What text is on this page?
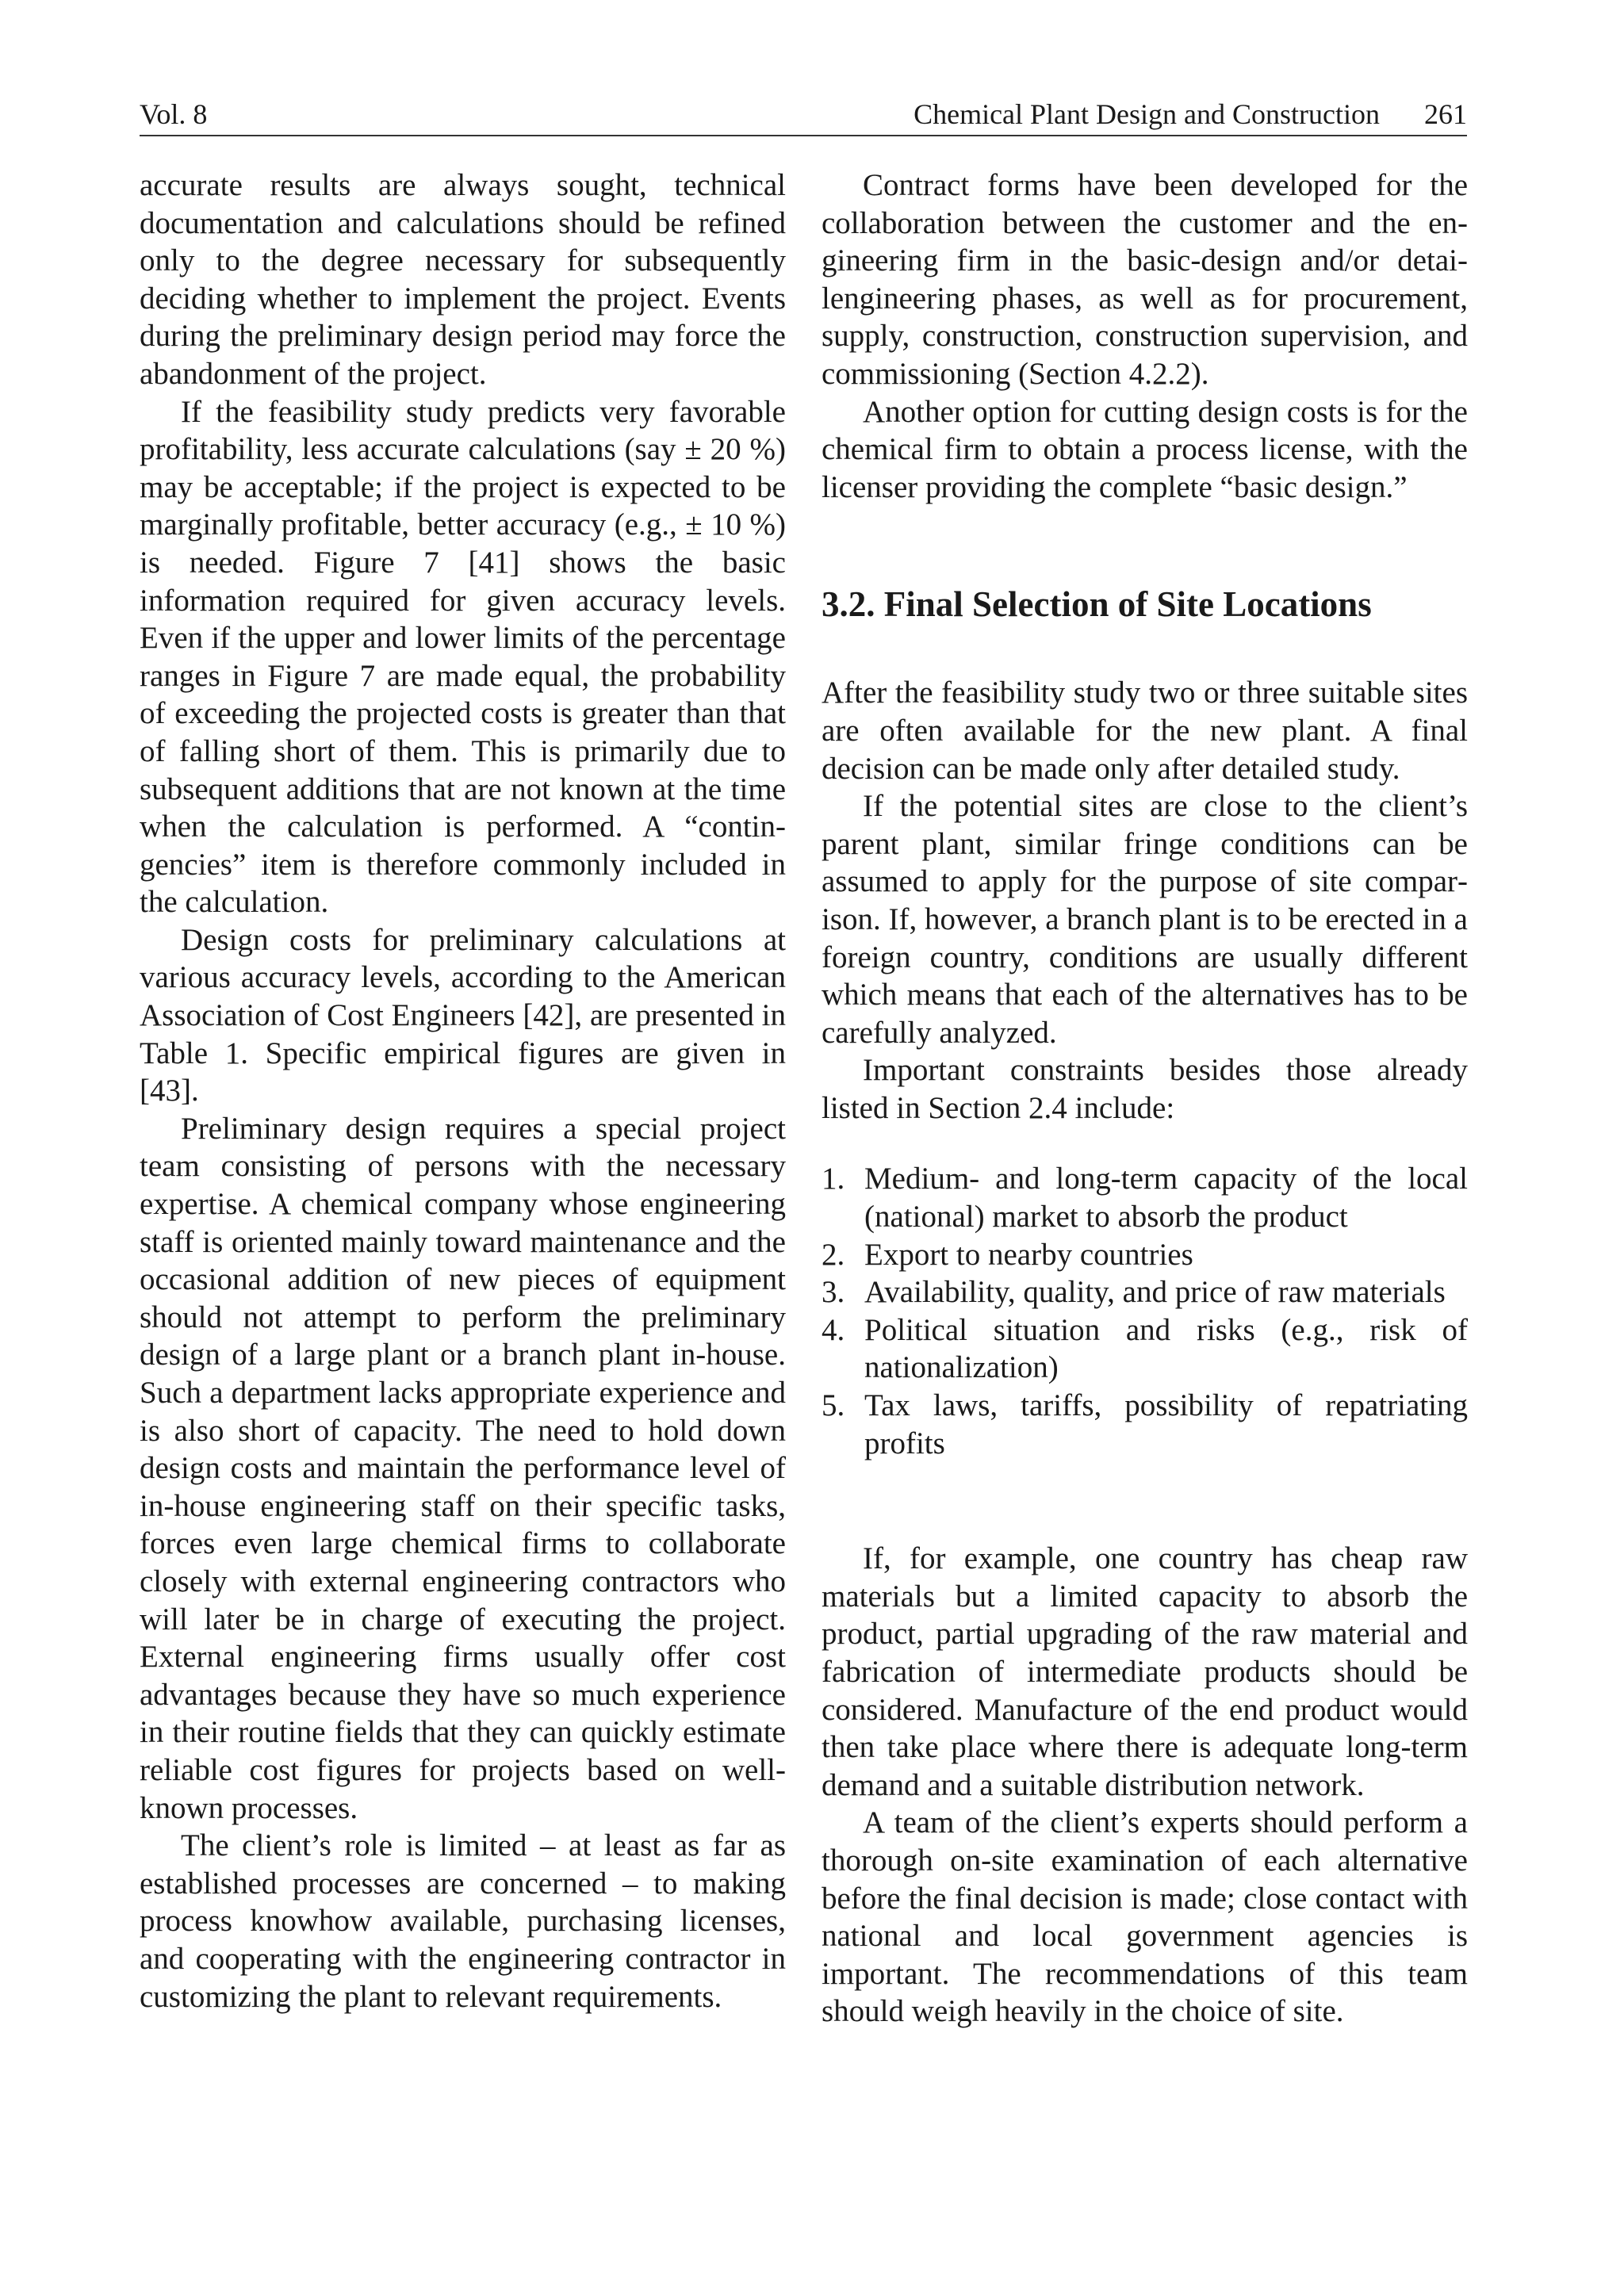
Vol. 8	Chemical Plant Design and Construction 261

accurate results are always sought, technical documentation and calculations should be refined only to the degree necessary for subsequently deciding whether to implement the project. Events during the preliminary design period may force the abandonment of the project.

If the feasibility study predicts very favorable profitability, less accurate calculations (say ± 20 %) may be acceptable; if the project is expected to be marginally profitable, better accuracy (e.g., ± 10 %) is needed. Figure 7 [41] shows the basic information required for given accuracy levels. Even if the upper and lower limits of the percentage ranges in Figure 7 are made equal, the probability of exceeding the projected costs is greater than that of falling short of them. This is primarily due to subsequent additions that are not known at the time when the calculation is performed. A “contingencies” item is therefore commonly included in the calculation.

Design costs for preliminary calculations at various accuracy levels, according to the American Association of Cost Engineers [42], are presented in Table 1. Specific empirical figures are given in [43].

Preliminary design requires a special project team consisting of persons with the necessary expertise. A chemical company whose engineering staff is oriented mainly toward maintenance and the occasional addition of new pieces of equipment should not attempt to perform the preliminary design of a large plant or a branch plant in-house. Such a department lacks appropriate experience and is also short of capacity. The need to hold down design costs and maintain the performance level of in-house engineering staff on their specific tasks, forces even large chemical firms to collaborate closely with external engineering contractors who will later be in charge of executing the project. External engineering firms usually offer cost advantages because they have so much experience in their routine fields that they can quickly estimate reliable cost figures for projects based on well-known processes.

The client’s role is limited – at least as far as established processes are concerned – to making process knowhow available, purchasing licenses, and cooperating with the engineering contractor in customizing the plant to relevant requirements.

Contract forms have been developed for the collaboration between the customer and the engineering firm in the basic-design and/or detailengineering phases, as well as for procurement, supply, construction, construction supervision, and commissioning (Section 4.2.2).

Another option for cutting design costs is for the chemical firm to obtain a process license, with the licenser providing the complete “basic design.”

3.2. Final Selection of Site Locations

After the feasibility study two or three suitable sites are often available for the new plant. A final decision can be made only after detailed study.

If the potential sites are close to the client’s parent plant, similar fringe conditions can be assumed to apply for the purpose of site comparison. If, however, a branch plant is to be erected in a foreign country, conditions are usually different which means that each of the alternatives has to be carefully analyzed.

Important constraints besides those already listed in Section 2.4 include:

1. Medium- and long-term capacity of the local (national) market to absorb the product
2. Export to nearby countries
3. Availability, quality, and price of raw materials
4. Political situation and risks (e.g., risk of nationalization)
5. Tax laws, tariffs, possibility of repatriating profits

If, for example, one country has cheap raw materials but a limited capacity to absorb the product, partial upgrading of the raw material and fabrication of intermediate products should be considered. Manufacture of the end product would then take place where there is adequate long-term demand and a suitable distribution network.

A team of the client’s experts should perform a thorough on-site examination of each alternative before the final decision is made; close contact with national and local government agencies is important. The recommendations of this team should weigh heavily in the choice of site.
